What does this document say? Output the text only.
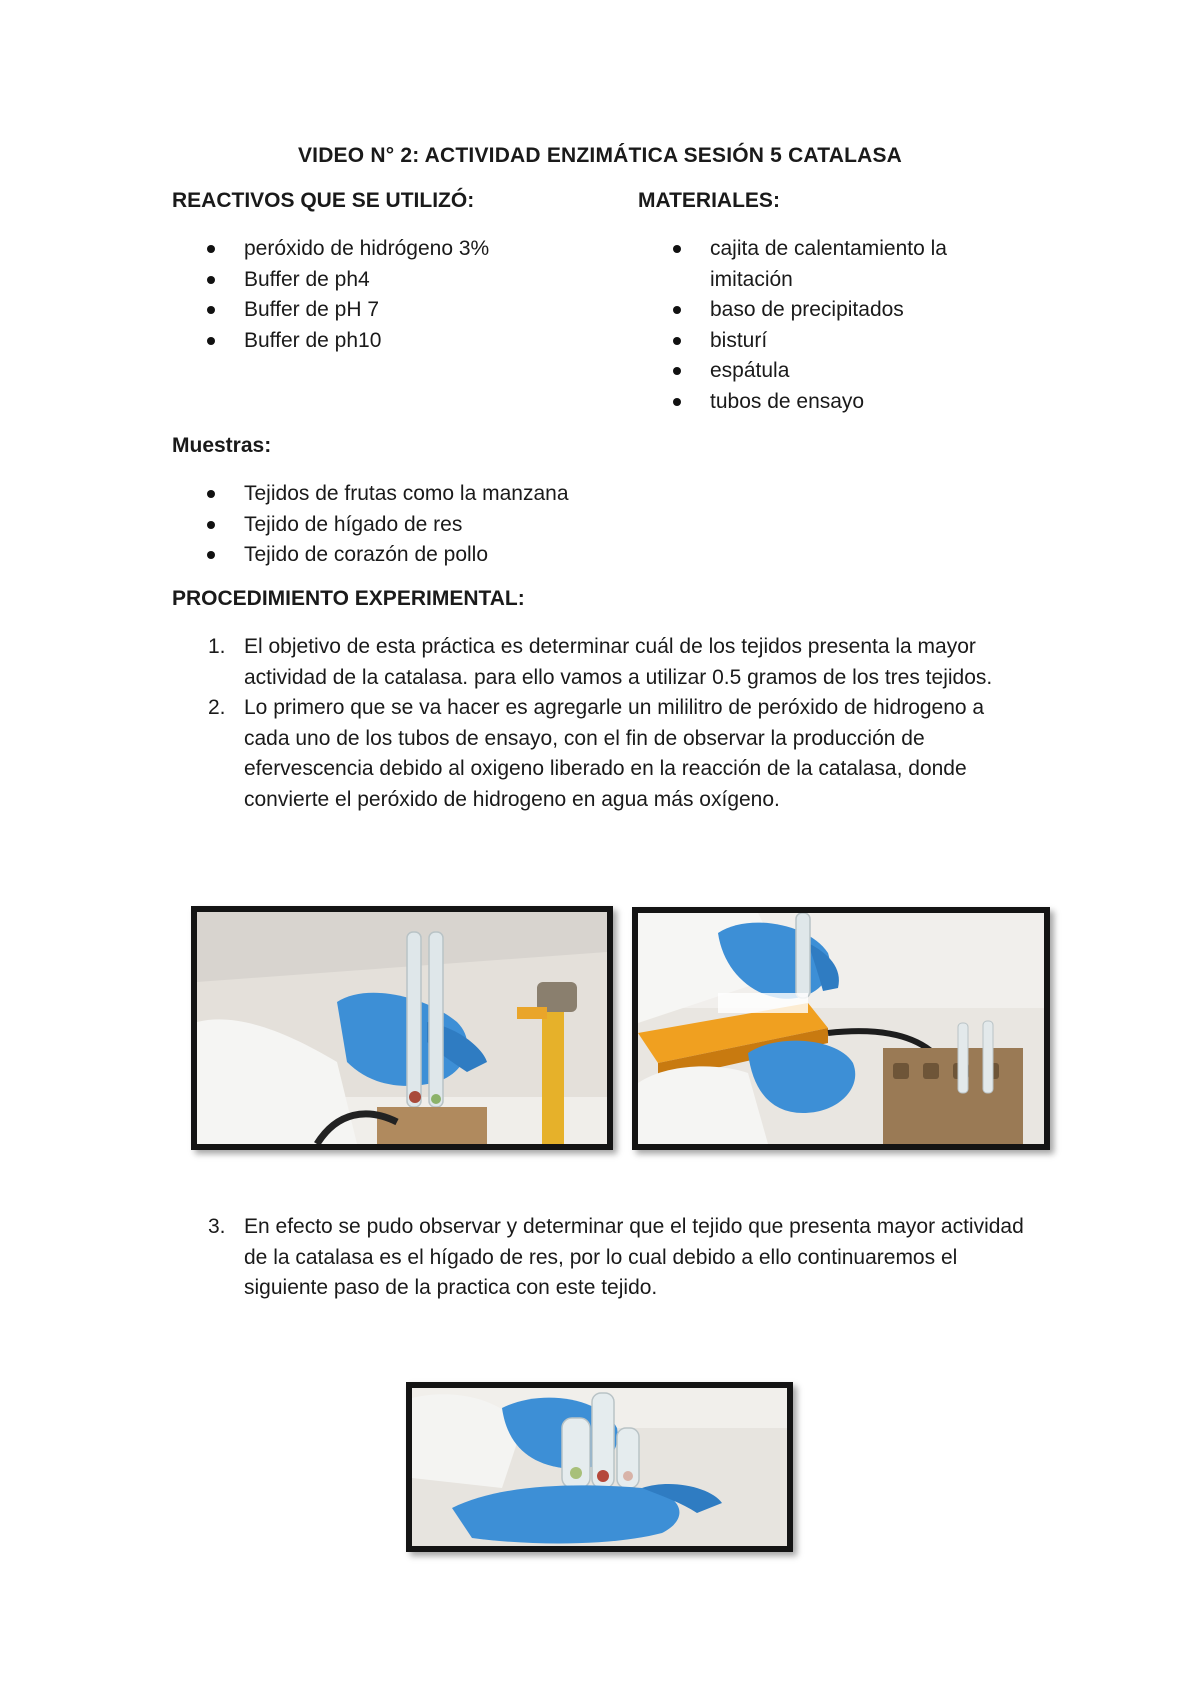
VIDEO N° 2: ACTIVIDAD ENZIMÁTICA SESIÓN 5 CATALASA
REACTIVOS QUE SE UTILIZÓ:
peróxido de hidrógeno 3%
Buffer de ph4
Buffer de pH 7
Buffer de ph10
MATERIALES:
cajita de calentamiento la imitación
baso de precipitados
bisturí
espátula
tubos de ensayo
Muestras:
Tejidos de frutas como la manzana
Tejido de hígado de res
Tejido de corazón de pollo
PROCEDIMIENTO EXPERIMENTAL:
1. El objetivo de esta práctica es determinar cuál de los tejidos presenta la mayor actividad de la catalasa. para ello vamos a utilizar 0.5 gramos de los tres tejidos.
2. Lo primero que se va hacer es agregarle un mililitro de peróxido de hidrogeno a cada uno de los tubos de ensayo, con el fin de observar la producción de efervescencia debido al oxigeno liberado en la reacción de la catalasa, donde convierte el peróxido de hidrogeno en agua más oxígeno.
3. En efecto se pudo observar y determinar que el tejido que presenta mayor actividad de la catalasa es el hígado de res, por lo cual debido a ello continuaremos el siguiente paso de la practica con este tejido.
